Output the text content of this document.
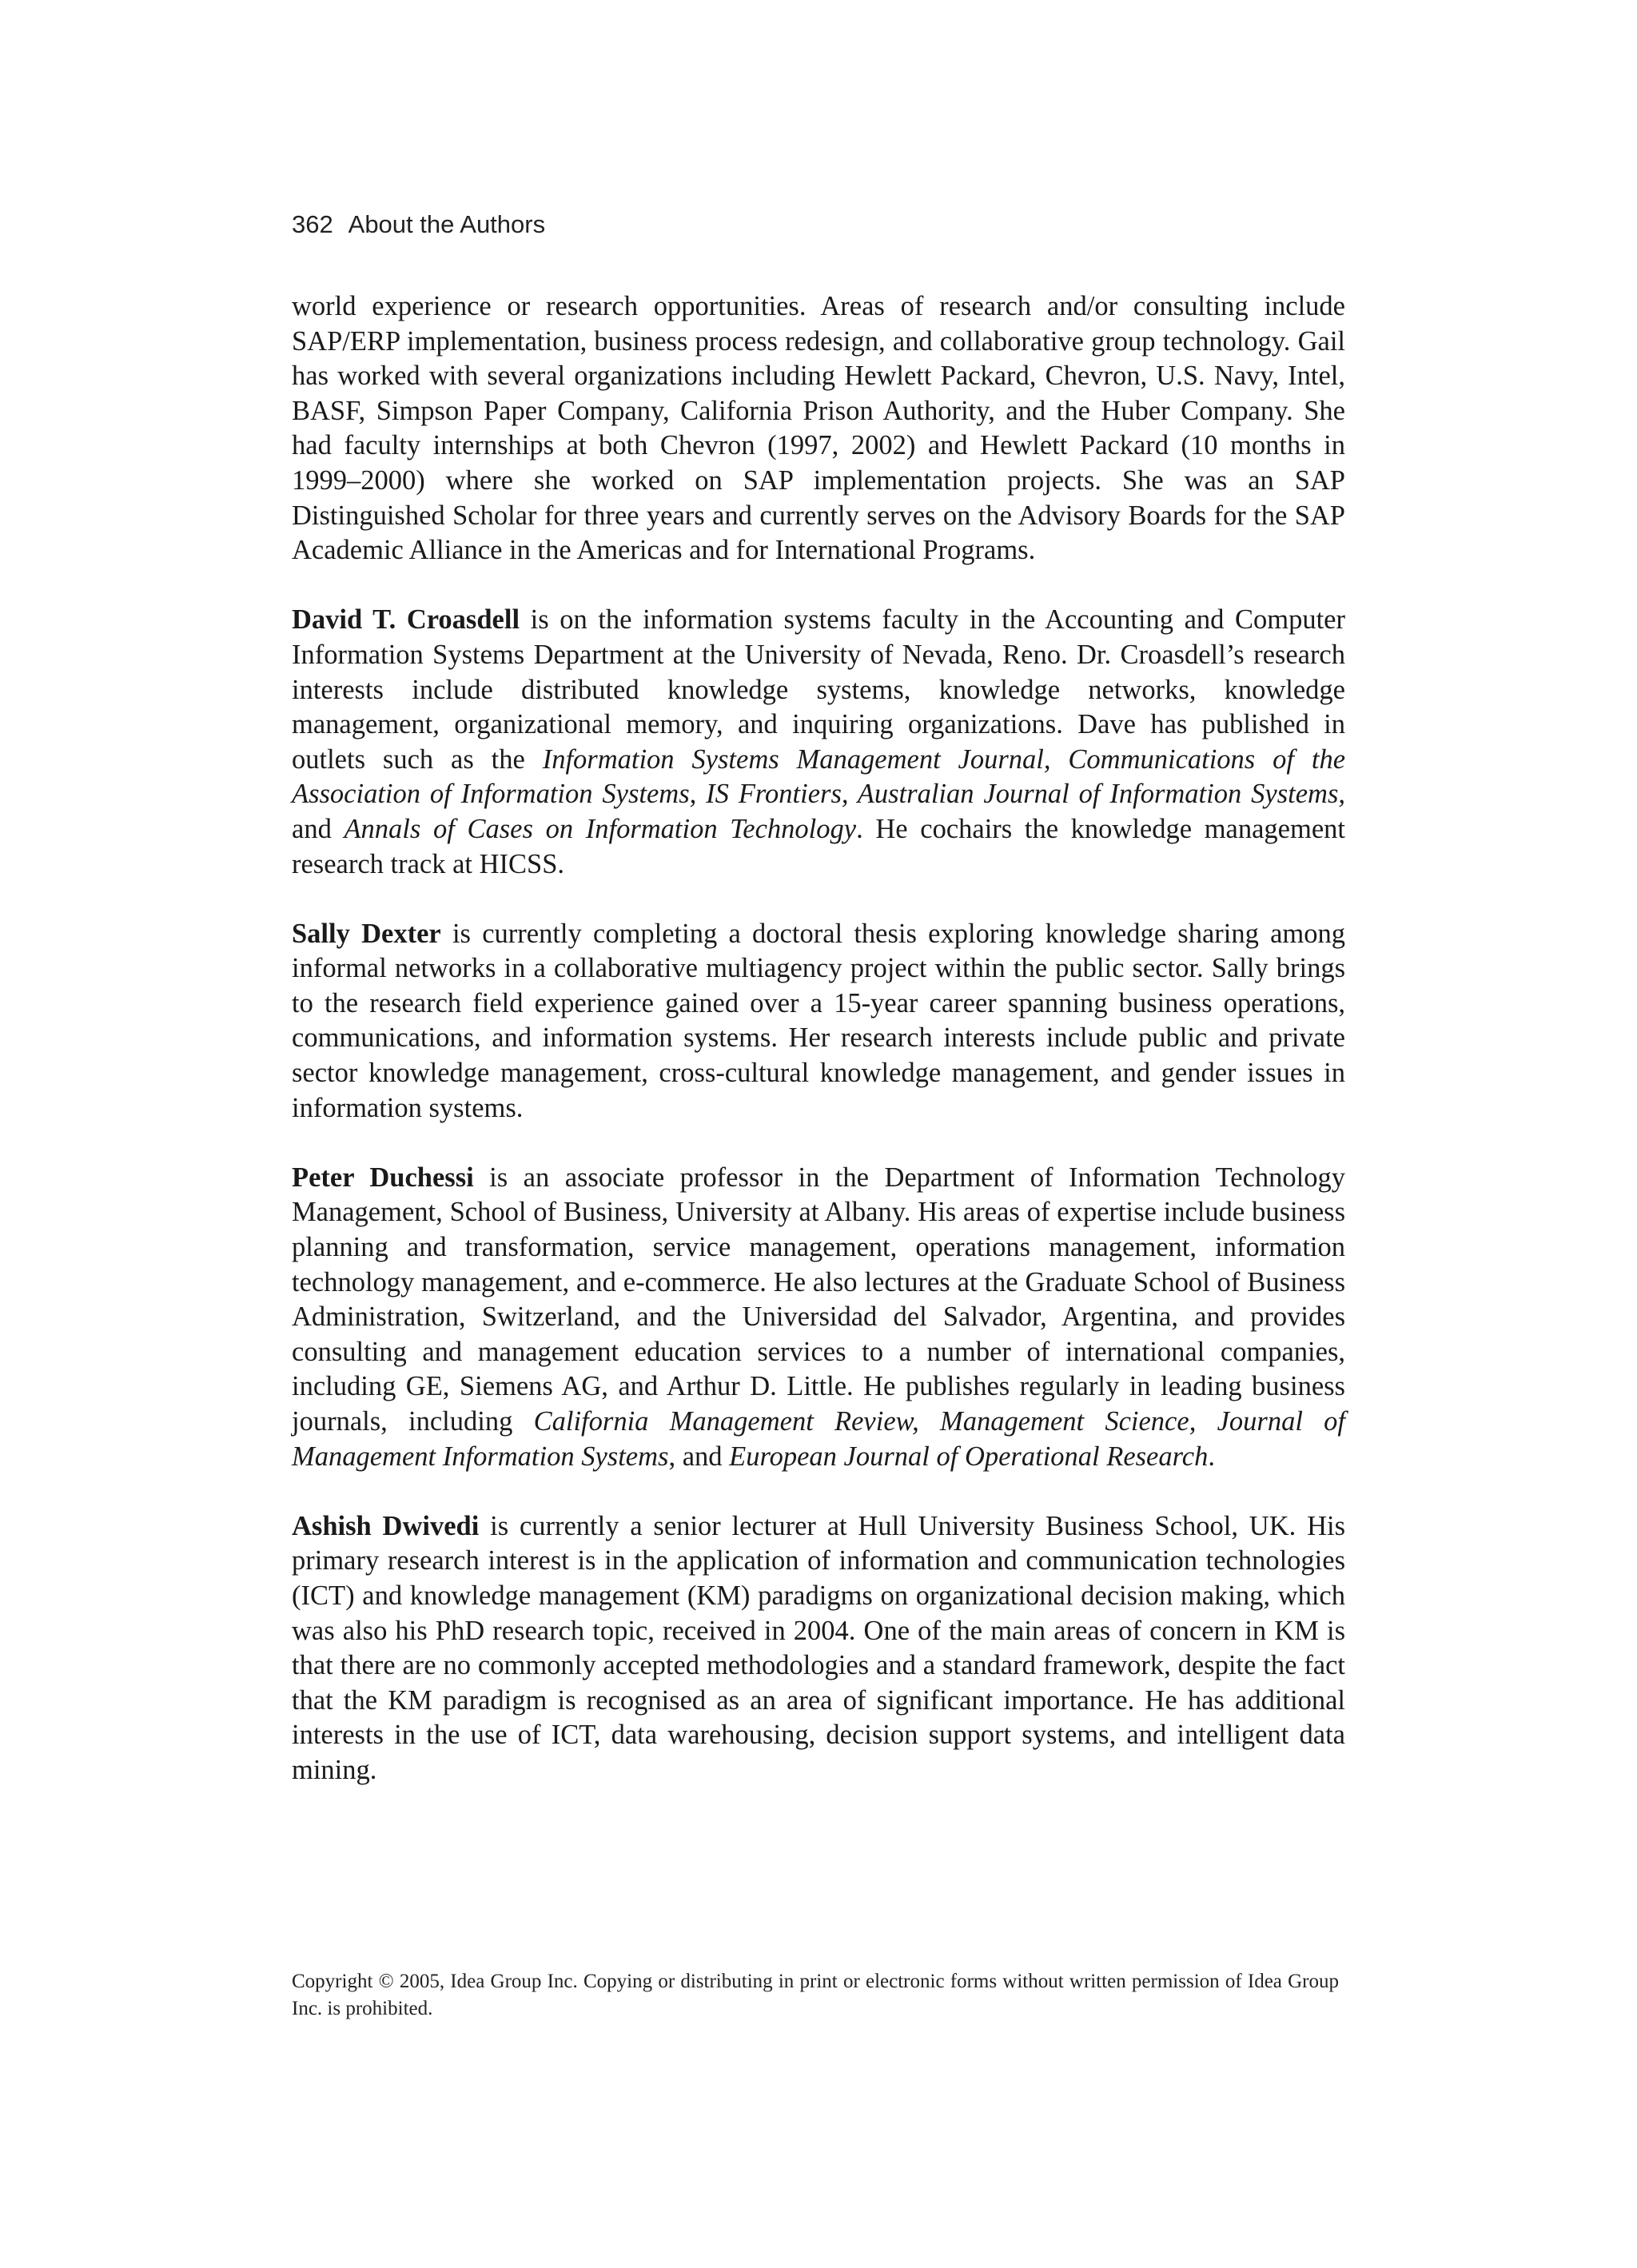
362 About the Authors

world experience or research opportunities. Areas of research and/or consulting include SAP/ERP implementation, business process redesign, and collaborative group technology. Gail has worked with several organizations including Hewlett Packard, Chevron, U.S. Navy, Intel, BASF, Simpson Paper Company, California Prison Authority, and the Huber Company. She had faculty internships at both Chevron (1997, 2002) and Hewlett Packard (10 months in 1999–2000) where she worked on SAP implementation projects. She was an SAP Distinguished Scholar for three years and currently serves on the Advisory Boards for the SAP Academic Alliance in the Americas and for International Programs.

David T. Croasdell is on the information systems faculty in the Accounting and Computer Information Systems Department at the University of Nevada, Reno. Dr. Croasdell’s research interests include distributed knowledge systems, knowledge networks, knowledge management, organizational memory, and inquiring organizations. Dave has published in outlets such as the Information Systems Management Journal, Communications of the Association of Information Systems, IS Frontiers, Australian Journal of Information Systems, and Annals of Cases on Information Technology. He cochairs the knowledge management research track at HICSS.

Sally Dexter is currently completing a doctoral thesis exploring knowledge sharing among informal networks in a collaborative multiagency project within the public sector. Sally brings to the research field experience gained over a 15-year career spanning business operations, communications, and information systems. Her research interests include public and private sector knowledge management, cross-cultural knowledge management, and gender issues in information systems.

Peter Duchessi is an associate professor in the Department of Information Technology Management, School of Business, University at Albany. His areas of expertise include business planning and transformation, service management, operations management, information technology management, and e-commerce. He also lectures at the Graduate School of Business Administration, Switzerland, and the Universidad del Salvador, Argentina, and provides consulting and management education services to a number of international companies, including GE, Siemens AG, and Arthur D. Little. He publishes regularly in leading business journals, including California Management Review, Management Science, Journal of Management Information Systems, and European Journal of Operational Research.

Ashish Dwivedi is currently a senior lecturer at Hull University Business School, UK. His primary research interest is in the application of information and communication technologies (ICT) and knowledge management (KM) paradigms on organizational decision making, which was also his PhD research topic, received in 2004. One of the main areas of concern in KM is that there are no commonly accepted methodologies and a standard framework, despite the fact that the KM paradigm is recognised as an area of significant importance. He has additional interests in the use of ICT, data warehousing, decision support systems, and intelligent data mining.

Copyright © 2005, Idea Group Inc. Copying or distributing in print or electronic forms without written permission of Idea Group Inc. is prohibited.
